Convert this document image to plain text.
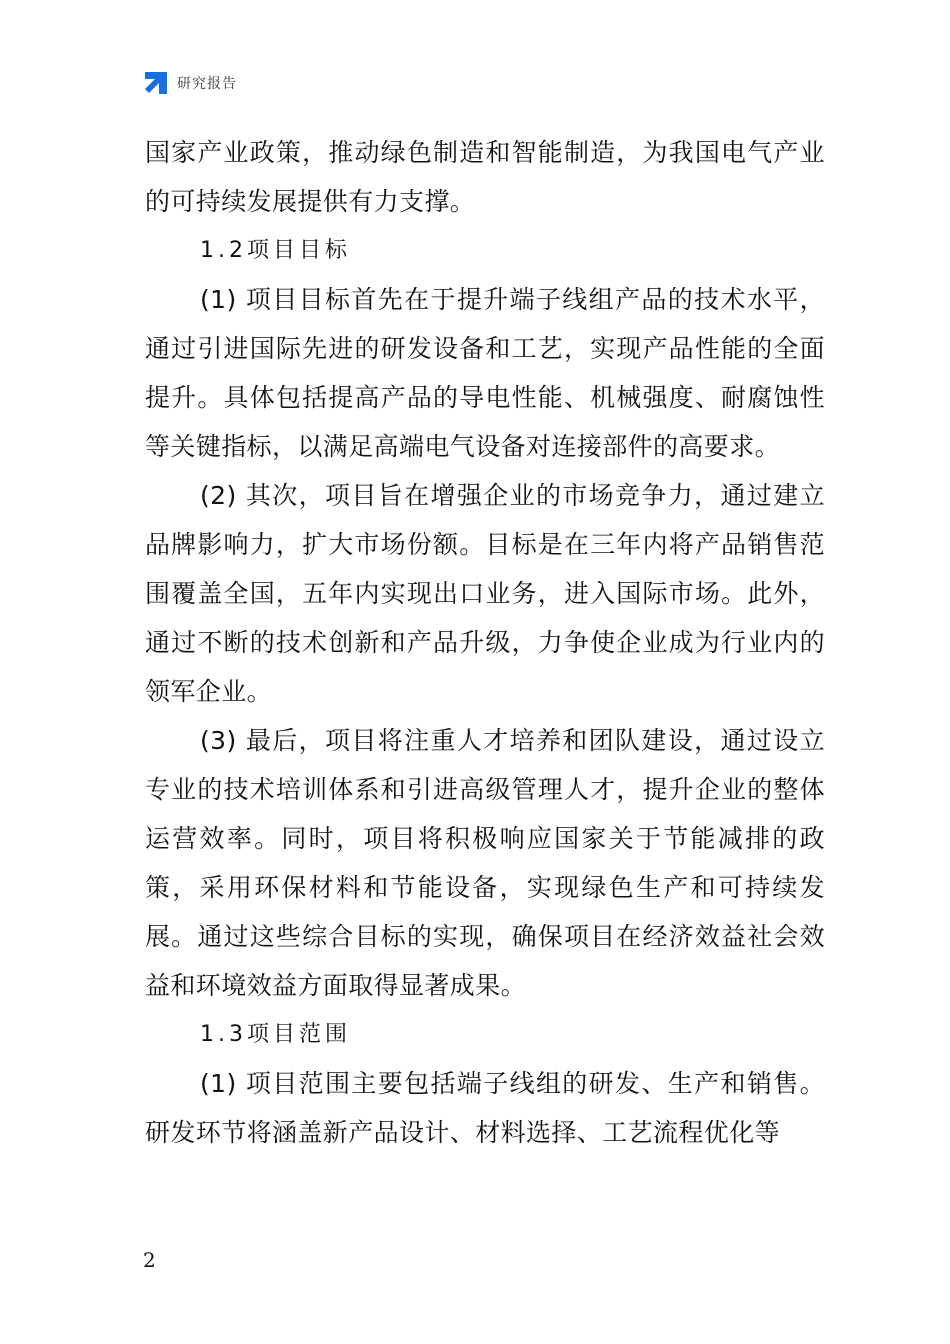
研究报告

国家产业政策，推动绿色制造和智能制造，为我国电气产业的可持续发展提供有力支撑。

1.2项目目标

(1) 项目目标首先在于提升端子线组产品的技术水平，通过引进国际先进的研发设备和工艺，实现产品性能的全面提升。具体包括提高产品的导电性能、机械强度、耐腐蚀性等关键指标，以满足高端电气设备对连接部件的高要求。

(2) 其次，项目旨在增强企业的市场竞争力，通过建立品牌影响力，扩大市场份额。目标是在三年内将产品销售范围覆盖全国，五年内实现出口业务，进入国际市场。此外，通过不断的技术创新和产品升级，力争使企业成为行业内的领军企业。

(3) 最后，项目将注重人才培养和团队建设，通过设立专业的技术培训体系和引进高级管理人才，提升企业的整体运营效率。同时，项目将积极响应国家关于节能减排的政策，采用环保材料和节能设备，实现绿色生产和可持续发展。通过这些综合目标的实现，确保项目在经济效益社会效益和环境效益方面取得显著成果。

1.3项目范围

(1) 项目范围主要包括端子线组的研发、生产和销售。研发环节将涵盖新产品设计、材料选择、工艺流程优化等

2
